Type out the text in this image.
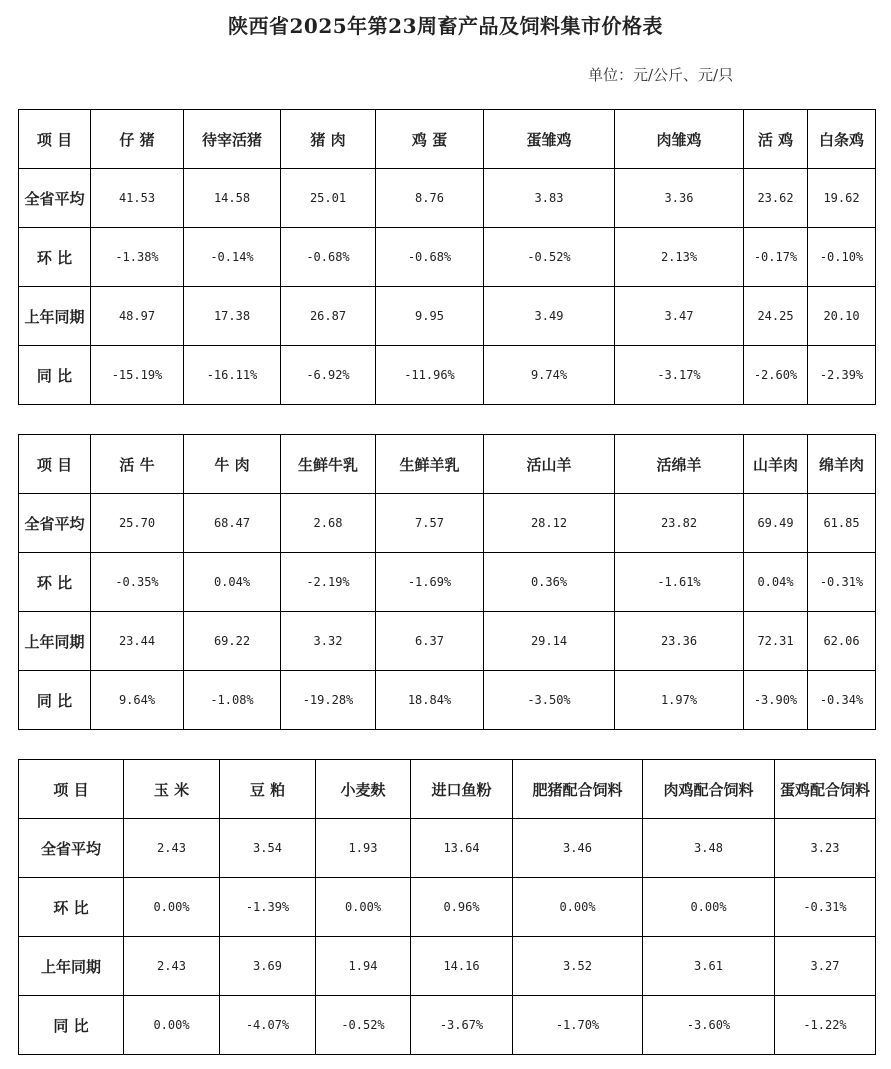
陕西省2025年第23周畜产品及饲料集市价格表
单位：元/公斤、元/只
项 目	仔 猪	待宰活猪	猪 肉	鸡 蛋	蛋雏鸡	肉雏鸡	活 鸡	白条鸡
全省平均	41.53	14.58	25.01	8.76	3.83	3.36	23.62	19.62
环 比	-1.38%	-0.14%	-0.68%	-0.68%	-0.52%	2.13%	-0.17%	-0.10%
上年同期	48.97	17.38	26.87	9.95	3.49	3.47	24.25	20.10
同 比	-15.19%	-16.11%	-6.92%	-11.96%	9.74%	-3.17%	-2.60%	-2.39%
项 目	活 牛	牛 肉	生鲜牛乳	生鲜羊乳	活山羊	活绵羊	山羊肉	绵羊肉
全省平均	25.70	68.47	2.68	7.57	28.12	23.82	69.49	61.85
环 比	-0.35%	0.04%	-2.19%	-1.69%	0.36%	-1.61%	0.04%	-0.31%
上年同期	23.44	69.22	3.32	6.37	29.14	23.36	72.31	62.06
同 比	9.64%	-1.08%	-19.28%	18.84%	-3.50%	1.97%	-3.90%	-0.34%
项 目	玉 米	豆 粕	小麦麸	进口鱼粉	肥猪配合饲料	肉鸡配合饲料	蛋鸡配合饲料
全省平均	2.43	3.54	1.93	13.64	3.46	3.48	3.23
环 比	0.00%	-1.39%	0.00%	0.96%	0.00%	0.00%	-0.31%
上年同期	2.43	3.69	1.94	14.16	3.52	3.61	3.27
同 比	0.00%	-4.07%	-0.52%	-3.67%	-1.70%	-3.60%	-1.22%
